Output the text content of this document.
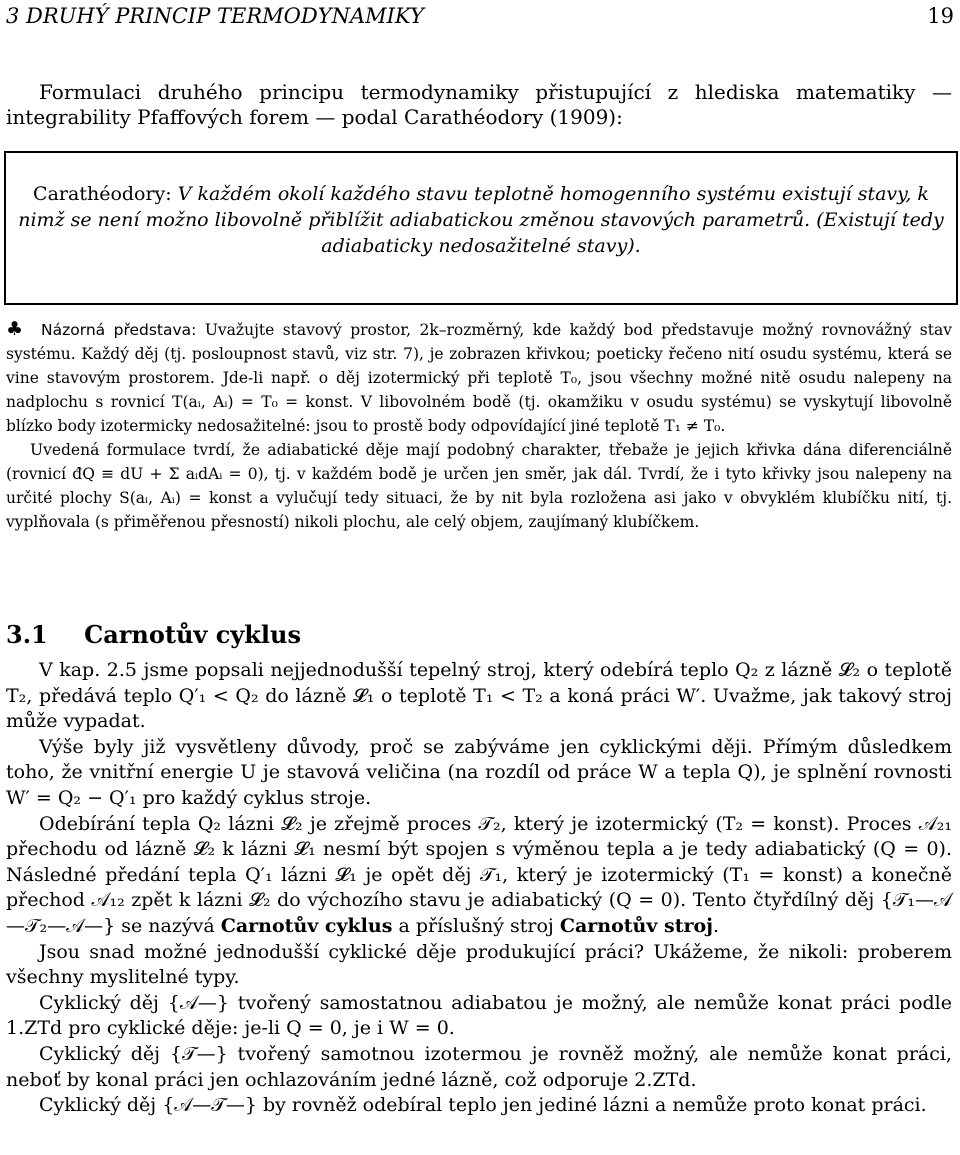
3 DRUHÝ PRINCIP TERMODYNAMIKY	19
Formulaci druhého principu termodynamiky přistupující z hlediska matematiky — integrability Pfaffových forem — podal Carathéodory (1909):
Carathéodory: V každém okolí každého stavu teplotně homogenního systému existují stavy, k nimž se není možno libovolně přiblížit adiabatickou změnou stavových parametrů. (Existují tedy adiabaticky nedosažitelné stavy).

♣ Názorná představa: Uvažujte stavový prostor, 2k–rozměrný, kde každý bod představuje možný rovnovážný stav systému. Každý děj (tj. posloupnost stavů, viz str. 7), je zobrazen křivkou; poeticky řečeno nití osudu systému, která se vine stavovým prostorem. Jde-li např. o děj izotermický při teplotě T₀, jsou všechny možné nitě osudu nalepeny na nadplochu s rovnicí T(aᵢ, Aᵢ) = T₀ = konst. V libovolném bodě (tj. okamžiku v osudu systému) se vyskytují libovolně blízko body izotermicky nedosažitelné: jsou to prostě body odpovídající jiné teplotě T₁ ≠ T₀.

Uvedená formulace tvrdí, že adiabatické děje mají podobný charakter, třebaže je jejich křivka dána diferenciálně (rovnicí đQ ≡ dU + Σ aᵢdAᵢ = 0), tj. v každém bodě je určen jen směr, jak dál. Tvrdí, že i tyto křivky jsou nalepeny na určité plochy S(aᵢ, Aᵢ) = konst a vylučují tedy situaci, že by nit byla rozložena asi jako v obvyklém klubíčku nití, tj. vyplňovala (s přiměřenou přesností) nikoli plochu, ale celý objem, zaujímaný klubíčkem.

3.1 Carnotův cyklus

V kap. 2.5 jsme popsali nejjednodušší tepelný stroj, který odebírá teplo Q₂ z lázně 𝓛₂ o teplotě T₂, předává teplo Q′₁ < Q₂ do lázně 𝓛₁ o teplotě T₁ < T₂ a koná práci W′. Uvažme, jak takový stroj může vypadat.

Výše byly již vysvětleny důvody, proč se zabýváme jen cyklickými ději. Přímým důsledkem toho, že vnitřní energie U je stavová veličina (na rozdíl od práce W a tepla Q), je splnění rovnosti W′ = Q₂ − Q′₁ pro každý cyklus stroje.

Odebírání tepla Q₂ lázni 𝓛₂ je zřejmě proces 𝒯₂, který je izotermický (T₂ = konst). Proces 𝒜₂₁ přechodu od lázně 𝓛₂ k lázni 𝓛₁ nesmí být spojen s výměnou tepla a je tedy adiabatický (Q = 0). Následné předání tepla Q′₁ lázni 𝓛₁ je opět děj 𝒯₁, který je izotermický (T₁ = konst) a konečně přechod 𝒜₁₂ zpět k lázni 𝓛₂ do výchozího stavu je adiabatický (Q = 0). Tento čtyřdílný děj {𝒯₁—𝒜—𝒯₂—𝒜—} se nazývá Carnotův cyklus a příslušný stroj Carnotův stroj.

Jsou snad možné jednodušší cyklické děje produkující práci? Ukážeme, že nikoli: proberem všechny myslitelné typy.

Cyklický děj {𝒜—} tvořený samostatnou adiabatou je možný, ale nemůže konat práci podle 1.ZTd pro cyklické děje: je-li Q = 0, je i W = 0.

Cyklický děj {𝒯—} tvořený samotnou izotermou je rovněž možný, ale nemůže konat práci, neboť by konal práci jen ochlazováním jedné lázně, což odporuje 2.ZTd.

Cyklický děj {𝒜—𝒯—} by rovněž odebíral teplo jen jediné lázni a nemůže proto konat práci.
